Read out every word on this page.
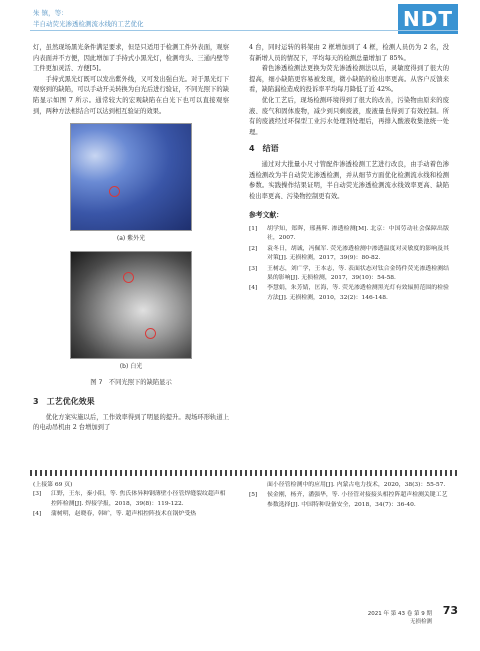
朱 镇，等：
半自动荧光渗透检测流水线的工艺优化	NDT

灯，虽然现场黑光条件满足要求，但是只适用于检测工件外表面，观察内表面并不方便，因此增加了手持式小黑光灯，检测弯头、三通内壁等工件更加灵活、方便[5]。

手持式黑光灯既可以发出紫外线，又可发出强白光。对于黑光灯下观察到的缺陷，可以手动开关转换为白光后进行验证，不同光照下的缺陷显示如图 7 所示。通常较大的宏观缺陷在白光下也可以直接观察到，两种方法相结合可以达到相互验证的效果。

(a) 紫外光
(b) 白光
图 7　不同光照下的缺陷显示
3　工艺优化效果

优化方案实施以后，工作效率得到了明显的提升。现场环形轨道上的电动吊机由 2 台增加到了

4 台，同时运转的料架由 2 框增加到了 4 框，检测人员仍为 2 名，没有新增人员的情况下，平均每天的检测总量增加了 85%。

着色渗透检测法更换为荧光渗透检测法以后，灵敏度得到了很大的提高，细小缺陷更容易被发现，微小缺陷的检出率更高。从客户反馈来看，缺陷漏检造成的投诉率平均每月降低了近 42%。

优化工艺后，现场检测环境得到了很大的改善，污染物由原来的废液、废气和固体废物，减少到只剩废液，废液量也得到了有效控制。所有的废液经过环保型工业污水处理剂处理后，再排入酸液收集池统一处理。

4　结语

通过对大批量小尺寸管配件渗透检测工艺进行改良，由手动着色渗透检测改为半自动荧光渗透检测，并从细节方面优化检测流水线和检测参数。实践操作结果证明，半自动荧光渗透检测流水线效率更高、缺陷检出率更高、污染物控制更有效。

参考文献：
[1]	胡学知，郑晖，邢燕辉. 渗透检测[M]. 北京：中国劳动社会保障出版社，2007.
[2]	袁冬日，胡诚，冯佩军. 荧光渗透检测中渗透温度对灵敏度的影响及其对策[J]. 无损检测，2017，39(9)：80-82.
[3]	王树志，刘广学，王本志，等. 表面状态对钛合金铸件荧光渗透检测结果的影响[J]. 无损检测，2017，39(10)：54-58.
[4]	李慧娟，朱芳婧，匡海，等. 荧光渗透检测黑光灯有效辐照范围的检验方法[J]. 无损检测，2010，32(2)：146-148.
(上接第 69 页)
[3]	江野，王东，秦小阳，等. 焦氏体异种钢薄壁小径管焊缝裂纹超声相控阵检测[J]. 焊接学报，2018，39(8)：119-122.
[4]	蒲树明，赵晓春，韩旷，等. 超声相控阵技术在锅炉受热
面小径管检测中的应用[J]. 内蒙古电力技术，2020，38(3)：55-57.
[5]	侯金刚，杨齐，潘强华，等. 小径管对接接头相控阵超声检测关键工艺参数选择[J]. 中国特种设备安全，2018，34(7)：36-40.
2021 年 第 43 卷 第 9 期
无损检测
73
